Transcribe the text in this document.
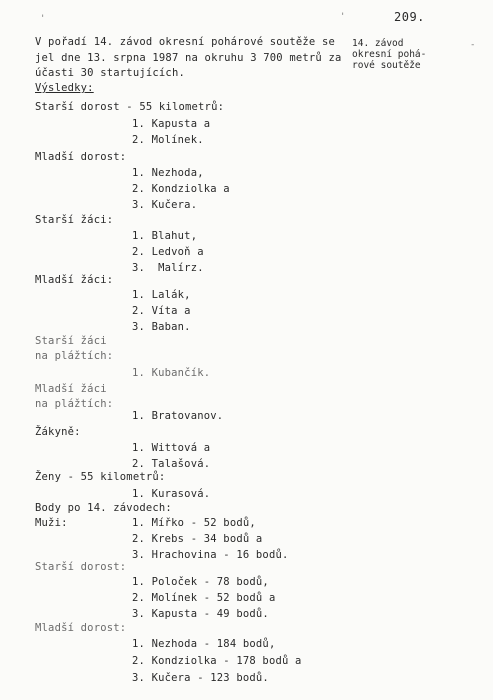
209.
14. závod
okresní pohá-
rové soutěže
V pořadí 14. závod okresní pohárové soutěže se
jel dne 13. srpna 1987 na okruhu 3 700 metrů za
účasti 30 startujících.
Výsledky:
Starší dorost - 55 kilometrů:
1. Kapusta a
2. Molínek.
Mladší dorost:
1. Nezhoda,
2. Kondziolka a
3. Kučera.
Starší žáci:
1. Blahut,
2. Ledvoň a
3.  Malírz.
Mladší žáci:
1. Lalák,
2. Víta a
3. Baban.
Starší žáci
na plážtích:
1. Kubančík.
Mladší žáci
na plážtích:
1. Bratovanov.
Žákyně:
1. Wittová a
2. Talašová.
Ženy - 55 kilometrů:
1. Kurasová.
Body po 14. závodech:
Muži:	1. Mířko - 52 bodů,
2. Krebs - 34 bodů a
3. Hrachovina - 16 bodů.
Starší dorost:
1. Poloček - 78 bodů,
2. Molínek - 52 bodů a
3. Kapusta - 49 bodů.
Mladší dorost:
1. Nezhoda - 184 bodů,
2. Kondziolka - 178 bodů a
3. Kučera - 123 bodů.
'	'
-
